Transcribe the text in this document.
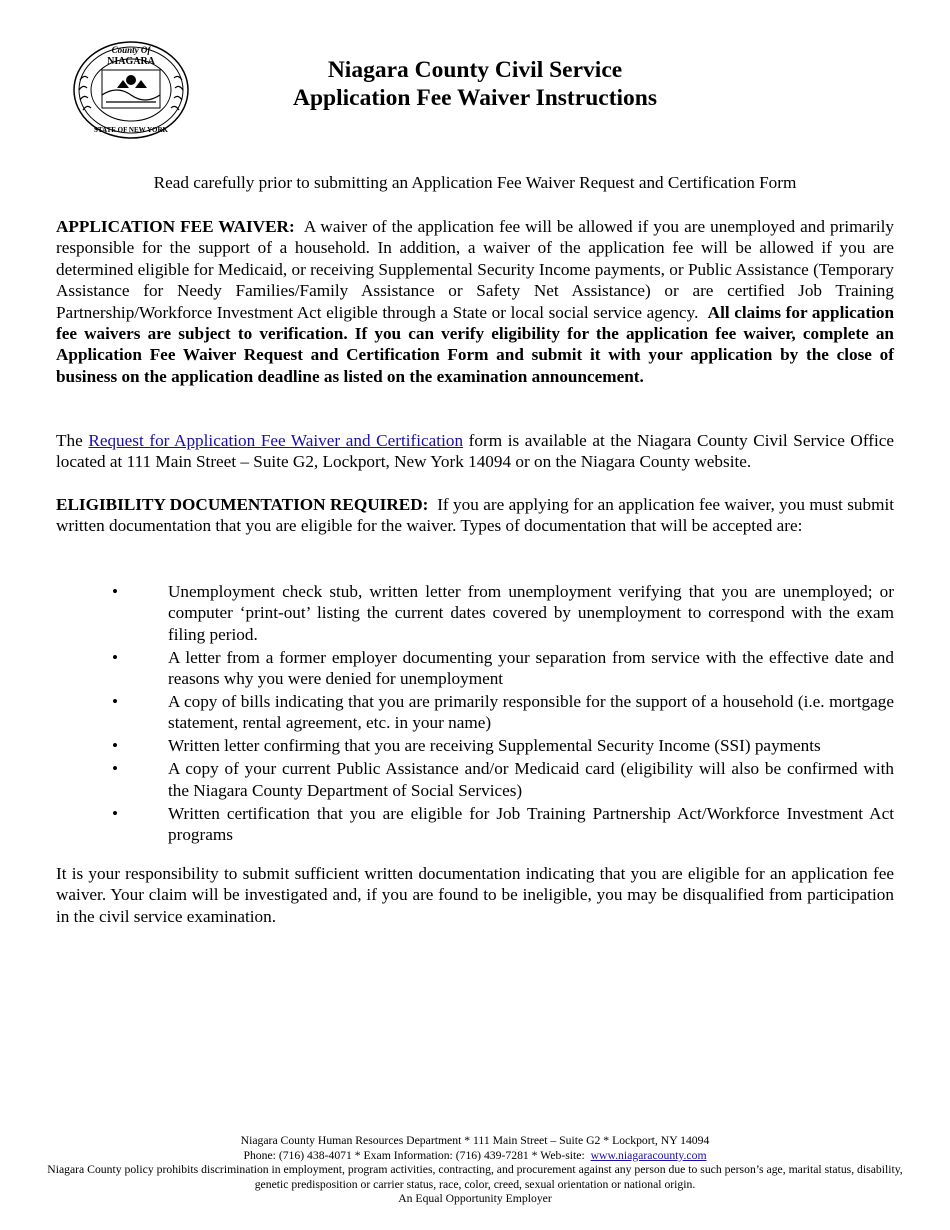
County Of
NIAGARA
STATE OF NEW YORK
Niagara County Civil Service
Application Fee Waiver Instructions
Read carefully prior to submitting an Application Fee Waiver Request and Certification Form

APPLICATION FEE WAIVER: A waiver of the application fee will be allowed if you are unemployed and primarily responsible for the support of a household. In addition, a waiver of the application fee will be allowed if you are determined eligible for Medicaid, or receiving Supplemental Security Income payments, or Public Assistance (Temporary Assistance for Needy Families/Family Assistance or Safety Net Assistance) or are certified Job Training Partnership/Workforce Investment Act eligible through a State or local social service agency. All claims for application fee waivers are subject to verification. If you can verify eligibility for the application fee waiver, complete an Application Fee Waiver Request and Certification Form and submit it with your application by the close of business on the application deadline as listed on the examination announcement.

The Request for Application Fee Waiver and Certification form is available at the Niagara County Civil Service Office located at 111 Main Street – Suite G2, Lockport, New York 14094 or on the Niagara County website.

ELIGIBILITY DOCUMENTATION REQUIRED: If you are applying for an application fee waiver, you must submit written documentation that you are eligible for the waiver. Types of documentation that will be accepted are:

•	Unemployment check stub, written letter from unemployment verifying that you are unemployed; or computer ‘print-out’ listing the current dates covered by unemployment to correspond with the exam filing period.
•	A letter from a former employer documenting your separation from service with the effective date and reasons why you were denied for unemployment
•	A copy of bills indicating that you are primarily responsible for the support of a household (i.e. mortgage statement, rental agreement, etc. in your name)
•	Written letter confirming that you are receiving Supplemental Security Income (SSI) payments
•	A copy of your current Public Assistance and/or Medicaid card (eligibility will also be confirmed with the Niagara County Department of Social Services)
•	Written certification that you are eligible for Job Training Partnership Act/Workforce Investment Act programs

It is your responsibility to submit sufficient written documentation indicating that you are eligible for an application fee waiver. Your claim will be investigated and, if you are found to be ineligible, you may be disqualified from participation in the civil service examination.

Niagara County Human Resources Department * 111 Main Street – Suite G2 * Lockport, NY 14094
Phone: (716) 438-4071 * Exam Information: (716) 439-7281 * Web-site: www.niagaracounty.com
Niagara County policy prohibits discrimination in employment, program activities, contracting, and procurement against any person due to such person’s age, marital status, disability, genetic predisposition or carrier status, race, color, creed, sexual orientation or national origin.
An Equal Opportunity Employer
